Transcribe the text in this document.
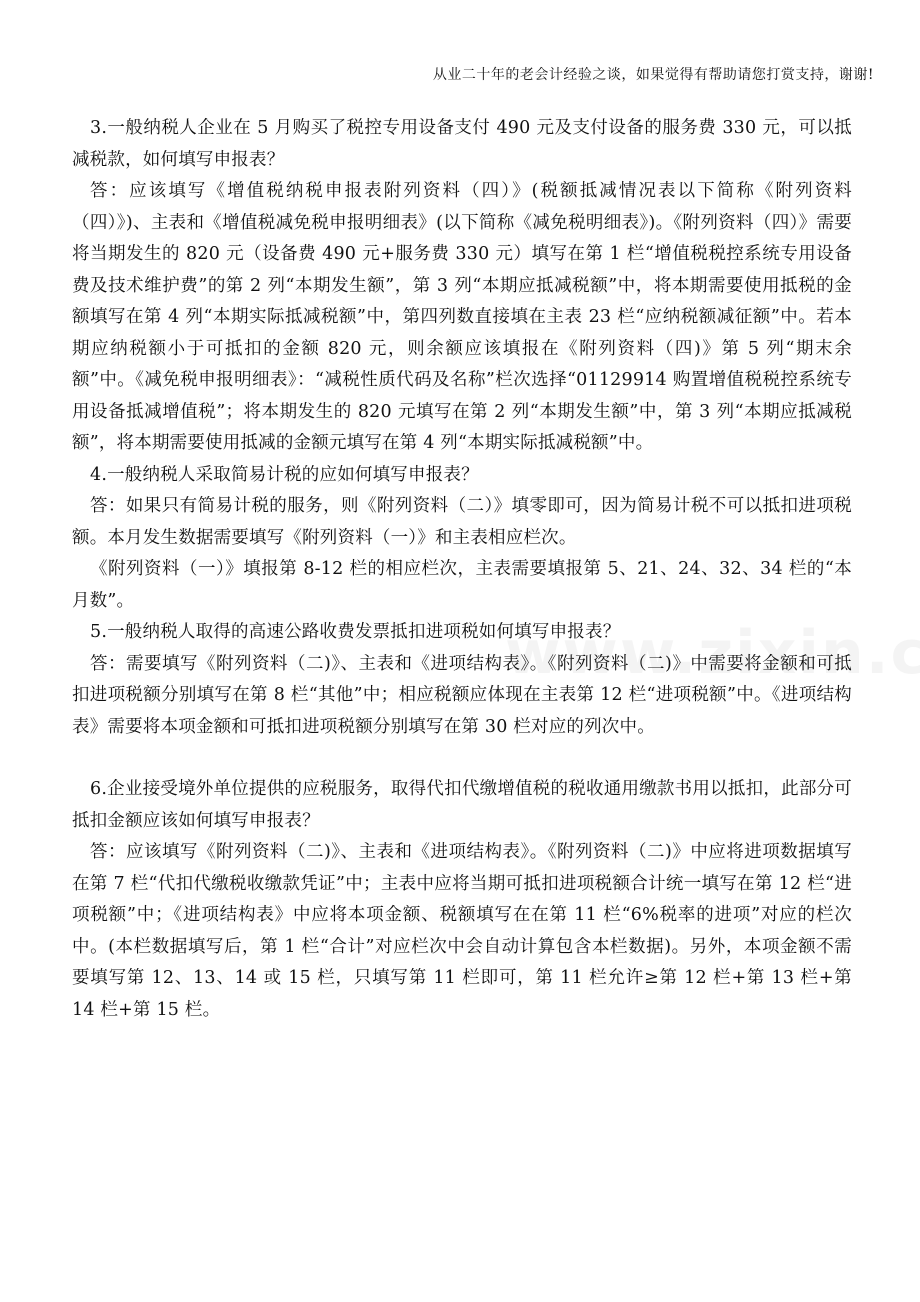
从业二十年的老会计经验之谈，如果觉得有帮助请您打赏支持，谢谢!

3.一般纳税人企业在 5 月购买了税控专用设备支付 490 元及支付设备的服务费 330 元，可以抵减税款，如何填写申报表？

答：应该填写《增值税纳税申报表附列资料（四）》(税额抵减情况表以下简称《附列资料（四）》)、主表和《增值税减免税申报明细表》(以下简称《减免税明细表》)。《附列资料（四）》需要将当期发生的 820 元（设备费 490 元+服务费 330 元）填写在第 1 栏“增值税税控系统专用设备费及技术维护费”的第 2 列“本期发生额”，第 3 列“本期应抵减税额”中，将本期需要使用抵税的金额填写在第 4 列“本期实际抵减税额”中，第四列数直接填在主表 23 栏“应纳税额减征额”中。若本期应纳税额小于可抵扣的金额 820 元，则余额应该填报在《附列资料（四)》第 5 列“期末余额”中。《减免税申报明细表》：“减税性质代码及名称”栏次选择“01129914 购置增值税税控系统专用设备抵减增值税”；将本期发生的 820 元填写在第 2 列“本期发生额”中，第 3 列“本期应抵减税额”，将本期需要使用抵减的金额元填写在第 4 列“本期实际抵减税额”中。

4.一般纳税人采取简易计税的应如何填写申报表？

答：如果只有简易计税的服务，则《附列资料（二）》填零即可，因为简易计税不可以抵扣进项税额。本月发生数据需要填写《附列资料（一）》和主表相应栏次。

《附列资料（一）》填报第 8-12 栏的相应栏次，主表需要填报第 5、21、24、32、34 栏的“本月数”。

5.一般纳税人取得的高速公路收费发票抵扣进项税如何填写申报表？

答：需要填写《附列资料（二)》、主表和《进项结构表》。《附列资料（二)》中需要将金额和可抵扣进项税额分别填写在第 8 栏“其他”中；相应税额应体现在主表第 12 栏“进项税额”中。《进项结构表》需要将本项金额和可抵扣进项税额分别填写在第 30 栏对应的列次中。

6.企业接受境外单位提供的应税服务，取得代扣代缴增值税的税收通用缴款书用以抵扣，此部分可抵扣金额应该如何填写申报表？

答：应该填写《附列资料（二)》、主表和《进项结构表》。《附列资料（二)》中应将进项数据填写在第 7 栏“代扣代缴税收缴款凭证”中；主表中应将当期可抵扣进项税额合计统一填写在第 12 栏“进项税额”中；《进项结构表》中应将本项金额、税额填写在在第 11 栏“6%税率的进项”对应的栏次中。(本栏数据填写后，第 1 栏“合计”对应栏次中会自动计算包含本栏数据)。另外，本项金额不需要填写第 12、13、14 或 15 栏，只填写第 11 栏即可，第 11 栏允许≥第 12 栏+第 13 栏+第 14 栏+第 15 栏。
